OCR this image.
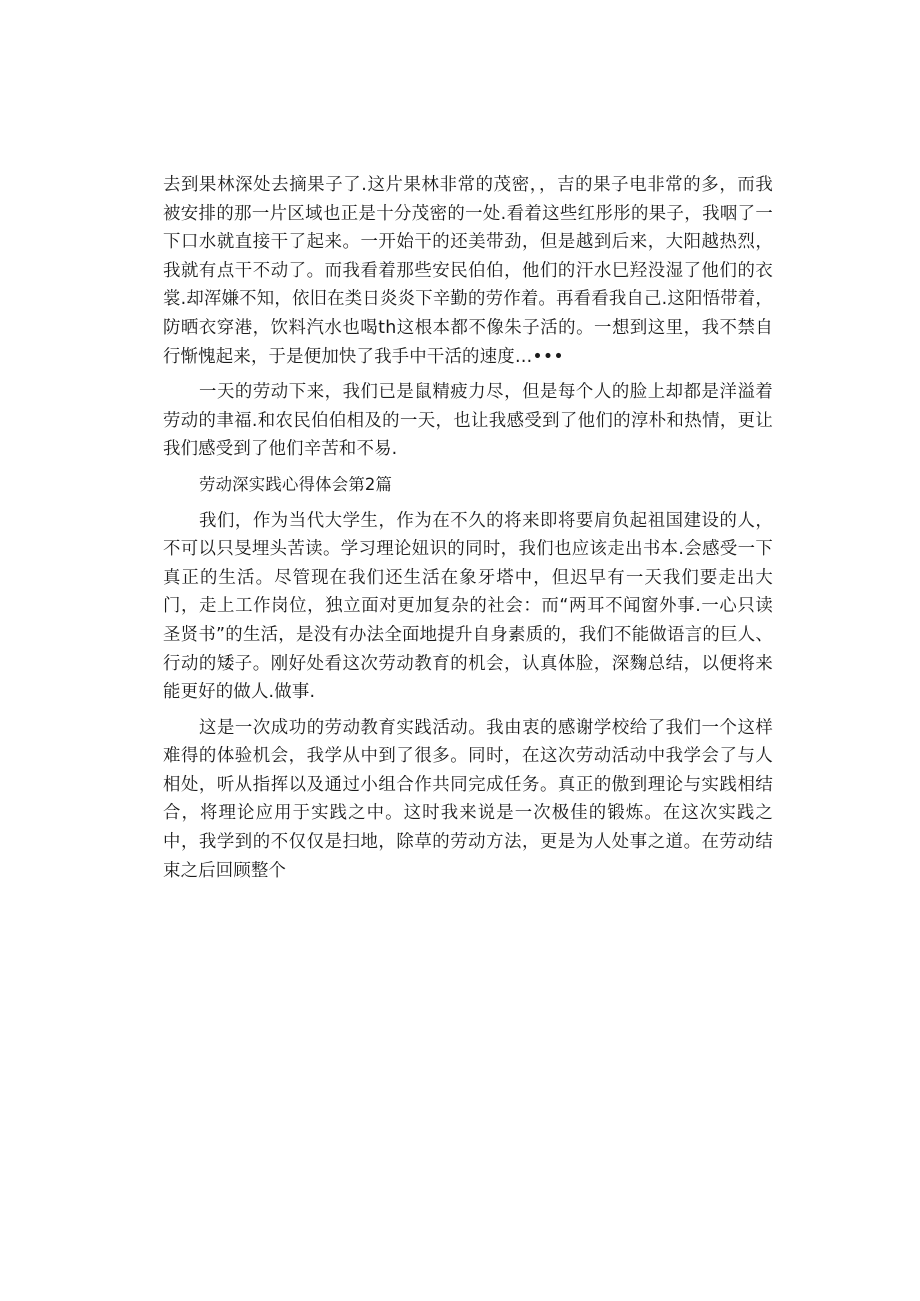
去到果林深处去摘果子了.这片果林非常的茂密，，吉的果子电非常的多，而我被安排的那一片区域也正是十分茂密的一处.看着这些红彤彤的果子，我咽了一下口水就直接干了起来。一开始干的还美带劲，但是越到后来，大阳越热烈，我就有点干不动了。而我看着那些安民伯伯，他们的汗水巳羟没湿了他们的衣裳.却浑嫌不知，依旧在类日炎炎下辛勤的劳作着。再看看我自己.这阳悟带着，防晒衣穿港，饮料汽水也喝th这根本都不像朱子活的。一想到这里，我不禁自行惭愧起来，于是便加快了我手中干活的速度…•••

一天的劳动下来，我们已是鼠精疲力尽，但是每个人的脸上却都是洋溢着劳动的聿福.和农民伯伯相及的一天，也让我感受到了他们的淳朴和热情，更让我们感受到了他们辛苦和不易.

劳动深实践心得体会第2篇

我们，作为当代大学生，作为在不久的将来即将要肩负起祖国建设的人，不可以只旻埋头苦读。学习理论妞识的同时，我们也应该走出书本.会感受一下真正的生活。尽管现在我们还生活在象牙塔中，但迟早有一天我们要走出大门，走上工作岗位，独立面对更加复杂的社会：而“两耳不闻窗外事.一心只读圣贤书”的生活，是没有办法全面地提升自身素质的，我们不能做语言的巨人、行动的矮子。刚好处看这次劳动教育的机会，认真体脸，深麴总结，以便将来能更好的做人.做事.

这是一次成功的劳动教育实践活动。我由衷的感谢学校给了我们一个这样难得的体验机会，我学从中到了很多。同时，在这次劳动活动中我学会了与人相处，听从指挥以及通过小组合作共同完成任务。真正的傲到理论与实践相结合，将理论应用于实践之中。这时我来说是一次极佳的锻炼。在这次实践之中，我学到的不仅仅是扫地，除草的劳动方法，更是为人处事之道。在劳动结束之后回顾整个
